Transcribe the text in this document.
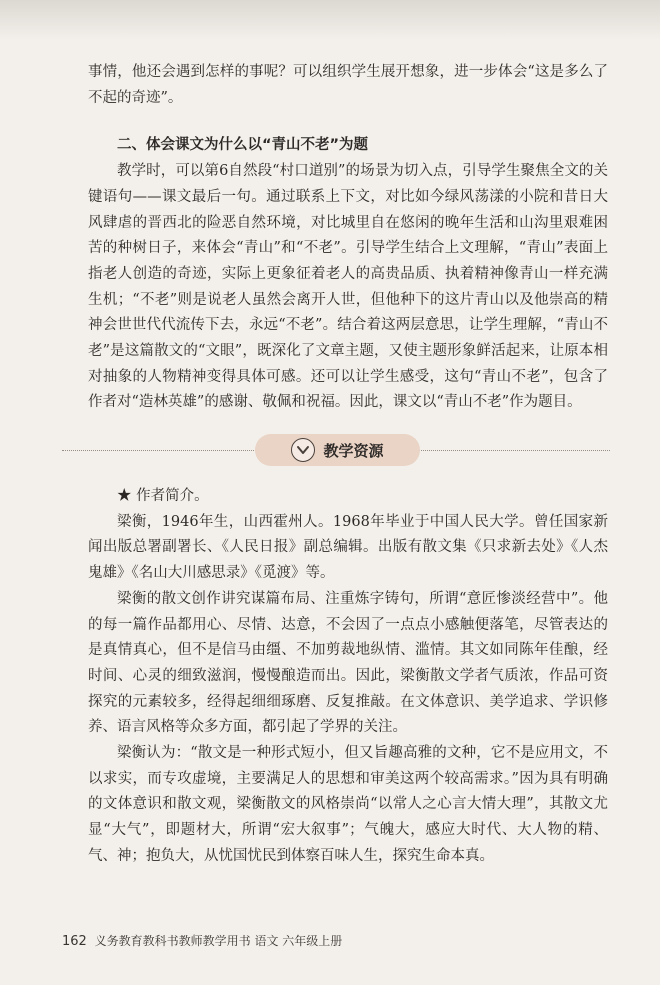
事情，他还会遇到怎样的事呢？可以组织学生展开想象，进一步体会“这是多么了不起的奇迹”。

二、体会课文为什么以“青山不老”为题

教学时，可以第6自然段“村口道别”的场景为切入点，引导学生聚焦全文的关键语句——课文最后一句。通过联系上下文，对比如今绿风荡漾的小院和昔日大风肆虐的晋西北的险恶自然环境，对比城里自在悠闲的晚年生活和山沟里艰难困苦的种树日子，来体会“青山”和“不老”。引导学生结合上文理解，“青山”表面上指老人创造的奇迹，实际上更象征着老人的高贵品质、执着精神像青山一样充满生机；“不老”则是说老人虽然会离开人世，但他种下的这片青山以及他崇高的精神会世世代代流传下去，永远“不老”。结合着这两层意思，让学生理解，“青山不老”是这篇散文的“文眼”，既深化了文章主题，又使主题形象鲜活起来，让原本相对抽象的人物精神变得具体可感。还可以让学生感受，这句“青山不老”，包含了作者对“造林英雄”的感谢、敬佩和祝福。因此，课文以“青山不老”作为题目。

教学资源

★ 作者简介。

梁衡，1946年生，山西霍州人。1968年毕业于中国人民大学。曾任国家新闻出版总署副署长、《人民日报》副总编辑。出版有散文集《只求新去处》《人杰鬼雄》《名山大川感思录》《觅渡》等。

梁衡的散文创作讲究谋篇布局、注重炼字铸句，所谓“意匠惨淡经营中”。他的每一篇作品都用心、尽情、达意，不会因了一点点小感触便落笔，尽管表达的是真情真心，但不是信马由缰、不加剪裁地纵情、滥情。其文如同陈年佳酿，经时间、心灵的细致滋润，慢慢酿造而出。因此，梁衡散文学者气质浓，作品可资探究的元素较多，经得起细细琢磨、反复推敲。在文体意识、美学追求、学识修养、语言风格等众多方面，都引起了学界的关注。

梁衡认为：“散文是一种形式短小，但又旨趣高雅的文种，它不是应用文，不以求实，而专攻虚境，主要满足人的思想和审美这两个较高需求。”因为具有明确的文体意识和散文观，梁衡散文的风格崇尚“以常人之心言大情大理”，其散文尤显“大气”，即题材大，所谓“宏大叙事”；气魄大，感应大时代、大人物的精、气、神；抱负大，从忧国忧民到体察百味人生，探究生命本真。

162 义务教育教科书教师教学用书 语文 六年级上册
